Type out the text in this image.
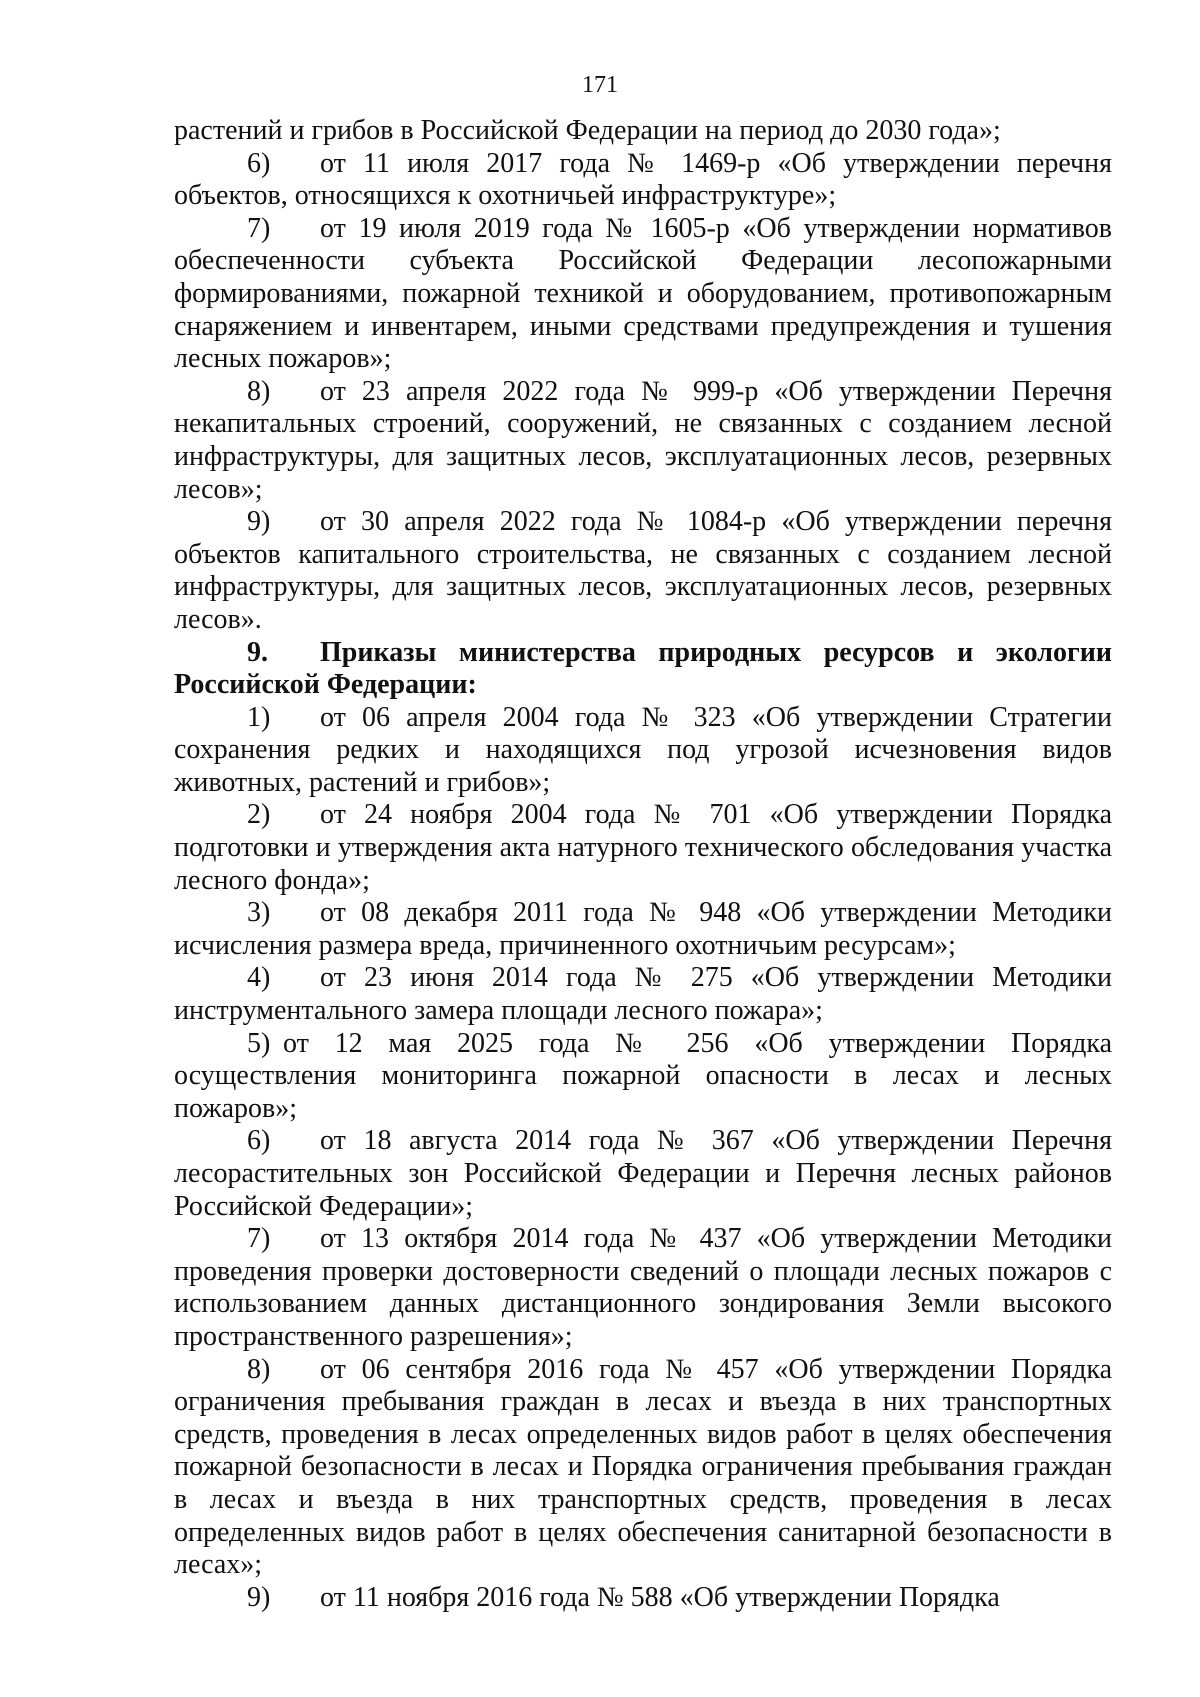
171

растений и грибов в Российской Федерации на период до 2030 года»;

6) от 11 июля 2017 года № 1469-р «Об утверждении перечня объектов, относящихся к охотничьей инфраструктуре»;

7) от 19 июля 2019 года № 1605-р «Об утверждении нормативов обеспеченности субъекта Российской Федерации лесопожарными формированиями, пожарной техникой и оборудованием, противопожарным снаряжением и инвентарем, иными средствами предупреждения и тушения лесных пожаров»;

8) от 23 апреля 2022 года № 999-р «Об утверждении Перечня некапитальных строений, сооружений, не связанных с созданием лесной инфраструктуры, для защитных лесов, эксплуатационных лесов, резервных лесов»;

9) от 30 апреля 2022 года № 1084-р «Об утверждении перечня объектов капитального строительства, не связанных с созданием лесной инфраструктуры, для защитных лесов, эксплуатационных лесов, резервных лесов».

9. Приказы министерства природных ресурсов и экологии Российской Федерации:

1) от 06 апреля 2004 года № 323 «Об утверждении Стратегии сохранения редких и находящихся под угрозой исчезновения видов животных, растений и грибов»;

2) от 24 ноября 2004 года № 701 «Об утверждении Порядка подготовки и утверждения акта натурного технического обследования участка лесного фонда»;

3) от 08 декабря 2011 года № 948 «Об утверждении Методики исчисления размера вреда, причиненного охотничьим ресурсам»;

4) от 23 июня 2014 года № 275 «Об утверждении Методики инструментального замера площади лесного пожара»;

5) от 12 мая 2025 года № 256 «Об утверждении Порядка осуществления мониторинга пожарной опасности в лесах и лесных пожаров»;

6) от 18 августа 2014 года № 367 «Об утверждении Перечня лесорастительных зон Российской Федерации и Перечня лесных районов Российской Федерации»;

7) от 13 октября 2014 года № 437 «Об утверждении Методики проведения проверки достоверности сведений о площади лесных пожаров с использованием данных дистанционного зондирования Земли высокого пространственного разрешения»;

8) от 06 сентября 2016 года № 457 «Об утверждении Порядка ограничения пребывания граждан в лесах и въезда в них транспортных средств, проведения в лесах определенных видов работ в целях обеспечения пожарной безопасности в лесах и Порядка ограничения пребывания граждан в лесах и въезда в них транспортных средств, проведения в лесах определенных видов работ в целях обеспечения санитарной безопасности в лесах»;

9) от 11 ноября 2016 года № 588 «Об утверждении Порядка
